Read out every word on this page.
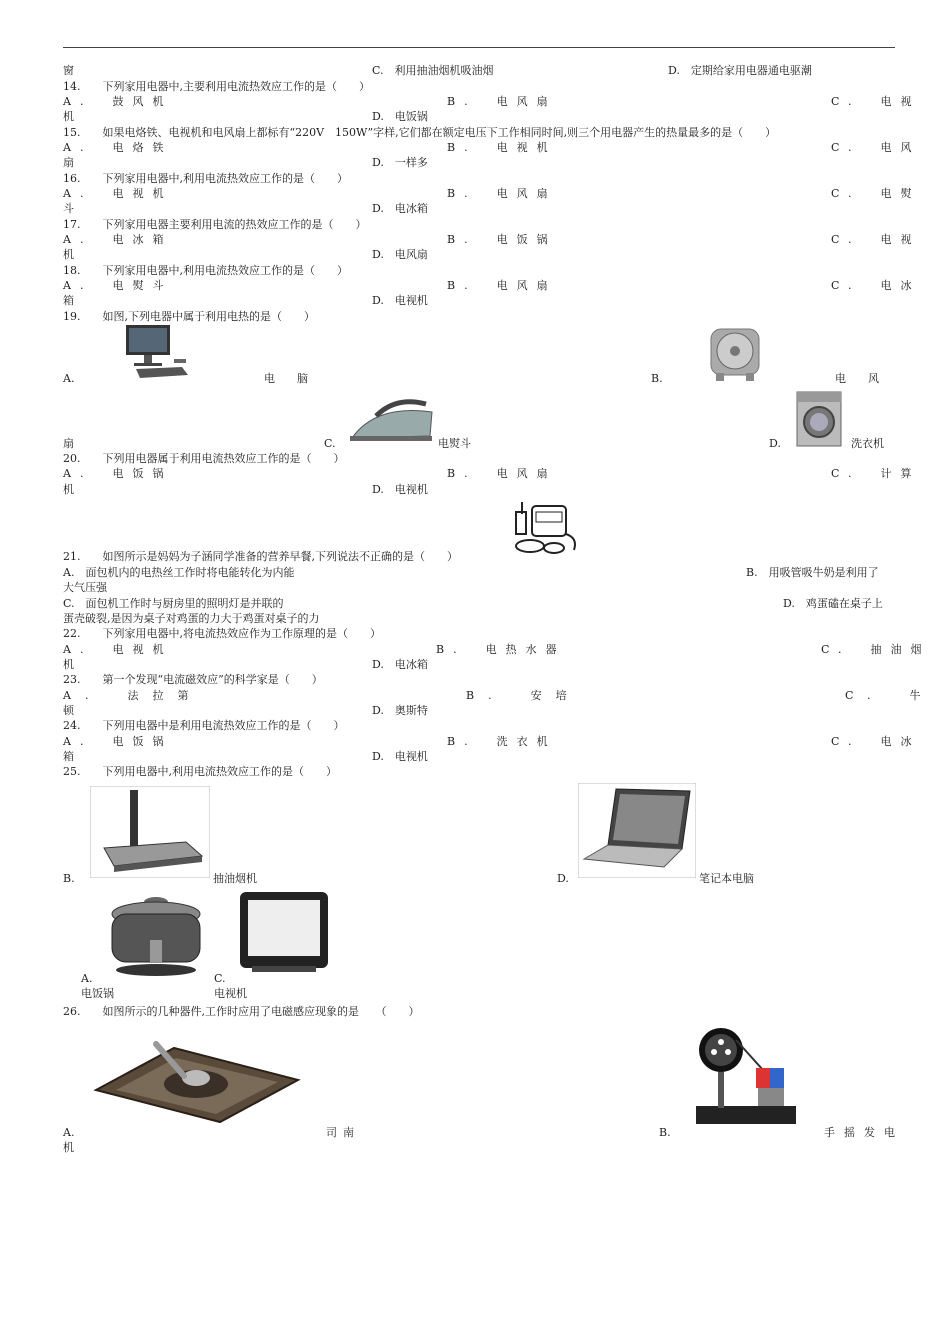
窗	C.　利用抽油烟机吸油烟	D.　定期给家用电器通电驱潮
14.　　下列家用电器中,主要利用电流热效应工作的是（　　）
A.　鼓风机	B.　电风扇	C.　电视
机	D.　电饭锅
15.　　如果电烙铁、电视机和电风扇上都标有“220V　150W”字样,它们都在额定电压下工作相同时间,则三个用电器产生的热量最多的是（　　）
A.　电烙铁	B.　电视机	C.　电风
扇	D.　一样多
16.　　下列家用电器中,利用电流热效应工作的是（　　）
A.　电视机	B.　电风扇	C.　电熨
斗	D.　电冰箱
17.　　下列家用电器主要利用电流的热效应工作的是（　　）
A.　电冰箱	B.　电饭锅	C.　电视
机	D.　电风扇
18.　　下列家用电器中,利用电流热效应工作的是（　　）
A.　电熨斗	B.　电风扇	C.　电冰
箱	D.　电视机
19.　　如图,下列电器中属于利用电热的是（　　）
A.	电　　脑	B.	电　　风
扇	C.	电熨斗	D.	洗衣机
20.　　下列用电器属于利用电流热效应工作的是（　　）
A.　电饭锅	B.　电风扇	C.　计算
机	D.　电视机
21.　　如图所示是妈妈为子涵同学准备的营养早餐,下列说法不正确的是（　　）
A.　面包机内的电热丝工作时将电能转化为内能	B.　用吸管吸牛奶是利用了
大气压强
C.　面包机工作时与厨房里的照明灯是并联的	D.　鸡蛋磕在桌子上
蛋壳破裂,是因为桌子对鸡蛋的力大于鸡蛋对桌子的力
22.　　下列家用电器中,将电流热效应作为工作原理的是（　　）
A.　电视机	B.　电热水器	C.　抽油烟
机	D.　电冰箱
23.　　第一个发现“电流磁效应”的科学家是（　　）
A.　法拉第	B.　安培	C.　牛
顿	D.　奥斯特
24.　　下列用电器中是利用电流热效应工作的是（　　）
A.　电饭锅	B.　洗衣机	C.　电冰
箱	D.　电视机
25.　　下列用电器中,利用电流热效应工作的是（　　）
B.	抽油烟机	D.	笔记本电脑
A.
电饭锅
C.
电视机
26.　　如图所示的几种器件,工作时应用了电磁感应现象的是　　（　　）
A.	司南	B.	手摇发电
机
